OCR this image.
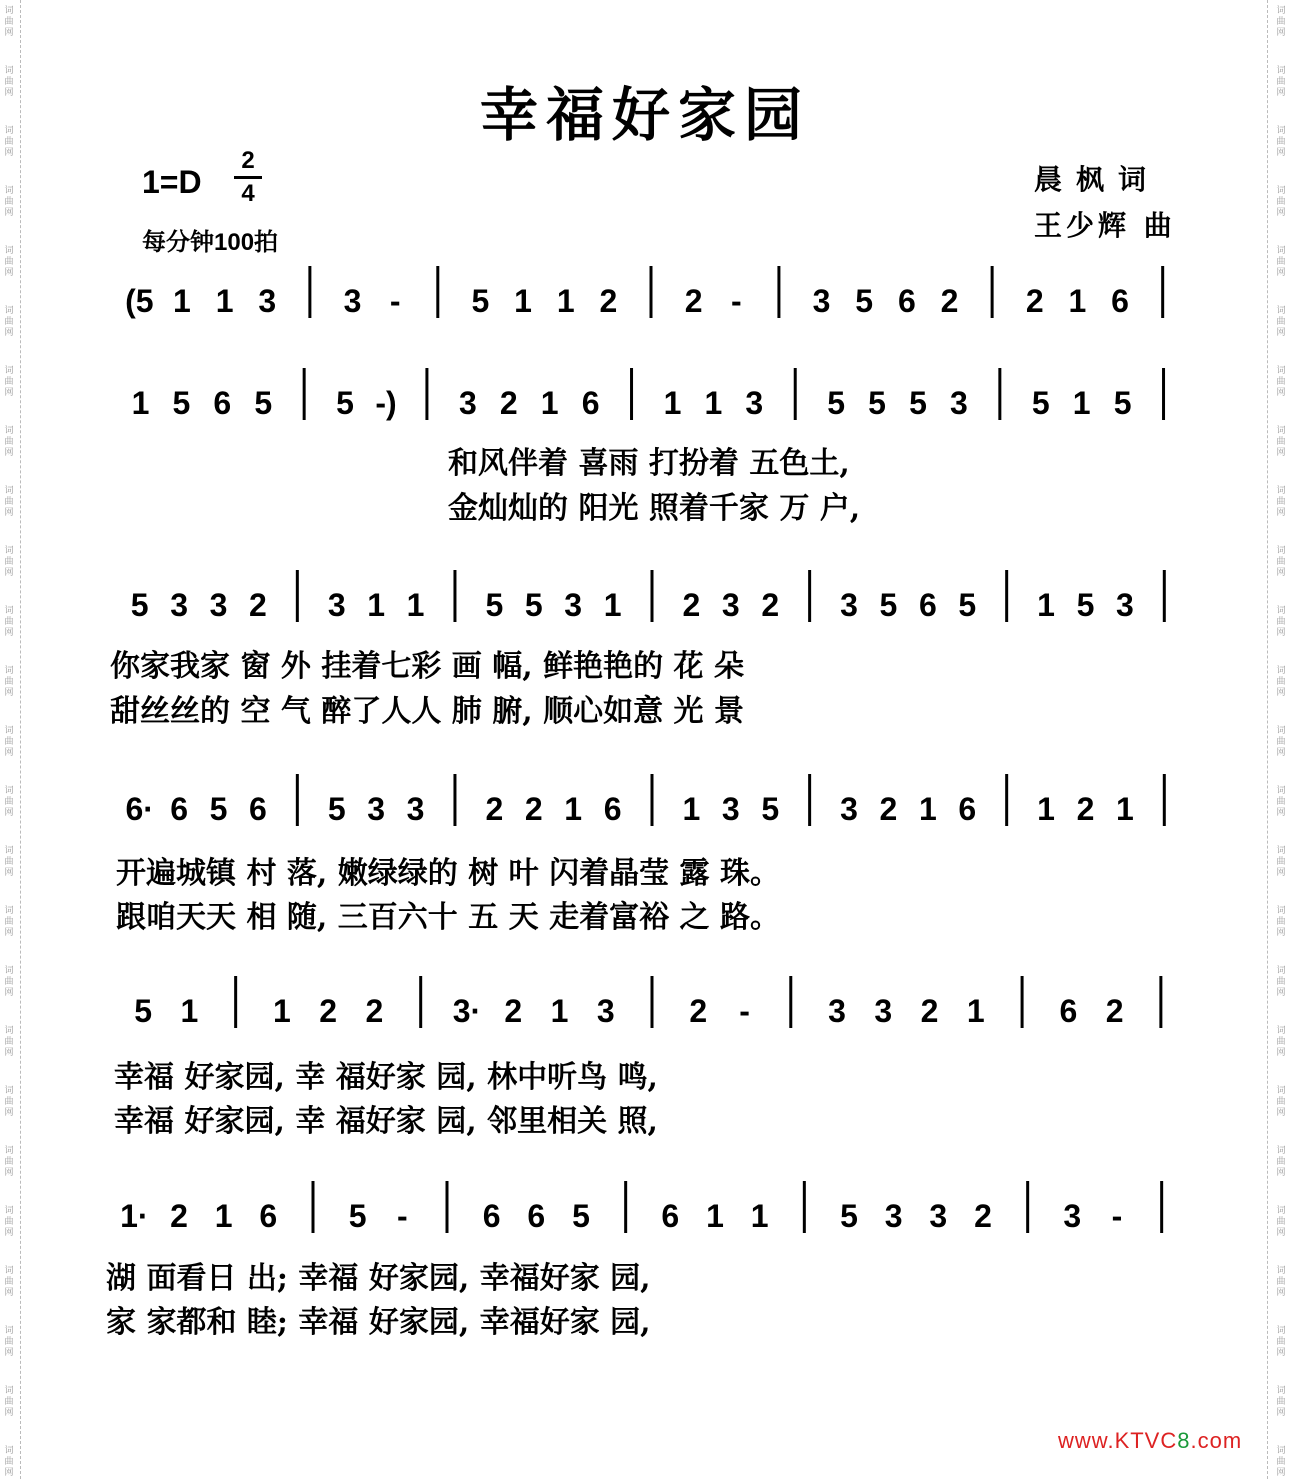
词
曲
网
词
曲
网
词
曲
网
词
曲
网
词
曲
网
词
曲
网
词
曲
网
词
曲
网
词
曲
网
词
曲
网
词
曲
网
词
曲
网
词
曲
网
词
曲
网
词
曲
网
词
曲
网
词
曲
网
词
曲
网
词
曲
网
词
曲
网
词
曲
网
词
曲
网
词
曲
网
词
曲
网
词
曲
网
词
曲
网
词
曲
网
词
曲
网
词
曲
网
词
曲
网
词
曲
网
词
曲
网
词
曲
网
词
曲
网
词
曲
网
词
曲
网
词
曲
网
词
曲
网
词
曲
网
词
曲
网
词
曲
网
词
曲
网
词
曲
网
词
曲
网
词
曲
网
词
曲
网
词
曲
网
词
曲
网
词
曲
网
词
曲
网
幸福好家园
1=D
2
4
每分钟100拍
晨枫词
王少辉 曲
(5 1 1 3 3 - 5 1 1 2 2 - 3 5 6 2 2 1 6
1 5 6 5 5 -) 3 2 1 6 1 1 3 5 5 5 3 5 1 5
5 3 3 2 3 1 1 5 5 3 1 2 3 2 3 5 6 5 1 5 3
6· 6 5 6 5 3 3 2 2 1 6 1 3 5 3 2 1 6 1 2 1
5 1 1 2 2 3· 2 1 3 2 - 3 3 2 1 6 2
1· 2 1 6 5 - 6 6 5 6 1 1 5 3 3 2 3 -
和风伴着 喜雨 打扮着 五色土,
金灿灿的 阳光 照着千家 万 户,
你家我家 窗 外 挂着七彩 画 幅, 鲜艳艳的 花 朵
甜丝丝的 空 气 醉了人人 肺 腑, 顺心如意 光 景
开遍城镇 村 落, 嫩绿绿的 树 叶 闪着晶莹 露 珠。
跟咱天天 相 随, 三百六十 五 天 走着富裕 之 路。
幸福 好家园, 幸 福好家 园, 林中听鸟 鸣,
幸福 好家园, 幸 福好家 园, 邻里相关 照,
湖 面看日 出; 幸福 好家园, 幸福好家 园,
家 家都和 睦; 幸福 好家园, 幸福好家 园,
www.KTVC8.com
